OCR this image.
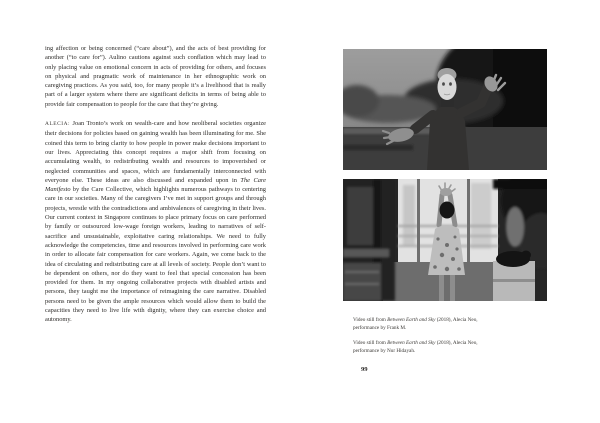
ing affection or being concerned (“care about”), and the acts of best providing for another (“to care for”). Aulino cautions against such conflation which may lead to only placing value on emotional concern in acts of providing for others, and focuses on physical and pragmatic work of maintenance in her ethnographic work on caregiving practices. As you said, too, for many people it’s a livelihood that is really part of a larger system where there are significant deficits in terms of being able to provide fair compensation to people for the care that they’re giving.

ALECIA: Joan Tronto’s work on wealth-care and how neoliberal societies organize their decisions for policies based on gaining wealth has been illuminating for me. She coined this term to bring clarity to how people in power make decisions important to our lives. Appreciating this concept requires a major shift from focusing on accumulating wealth, to redistributing wealth and resources to impoverished or neglected communities and spaces, which are fundamentally interconnected with everyone else. These ideas are also discussed and expanded upon in The Care Manifesto by the Care Collective, which highlights numerous pathways to centering care in our societies. Many of the caregivers I’ve met in support groups and through projects, wrestle with the contradictions and ambivalences of caregiving in their lives. Our current context in Singapore continues to place primary focus on care performed by family or outsourced low-wage foreign workers, leading to narratives of self-sacrifice and unsustainable, exploitative caring relationships. We need to fully acknowledge the competencies, time and resources involved in performing care work in order to allocate fair compensation for care workers. Again, we come back to the idea of circulating and redistributing care at all levels of society. People don’t want to be dependent on others, nor do they want to feel that special concession has been provided for them. In my ongoing collaborative projects with disabled artists and persons, they taught me the importance of reimagining the care narrative. Disabled persons need to be given the ample resources which would allow them to build the capacities they need to live life with dignity, where they can exercise choice and autonomy.	Video still from Between Earth and Sky (2018), Alecia Neo, performance by Frank M.
Video still from Between Earth and Sky (2018), Alecia Neo, performance by Nur Hidayah.
99
